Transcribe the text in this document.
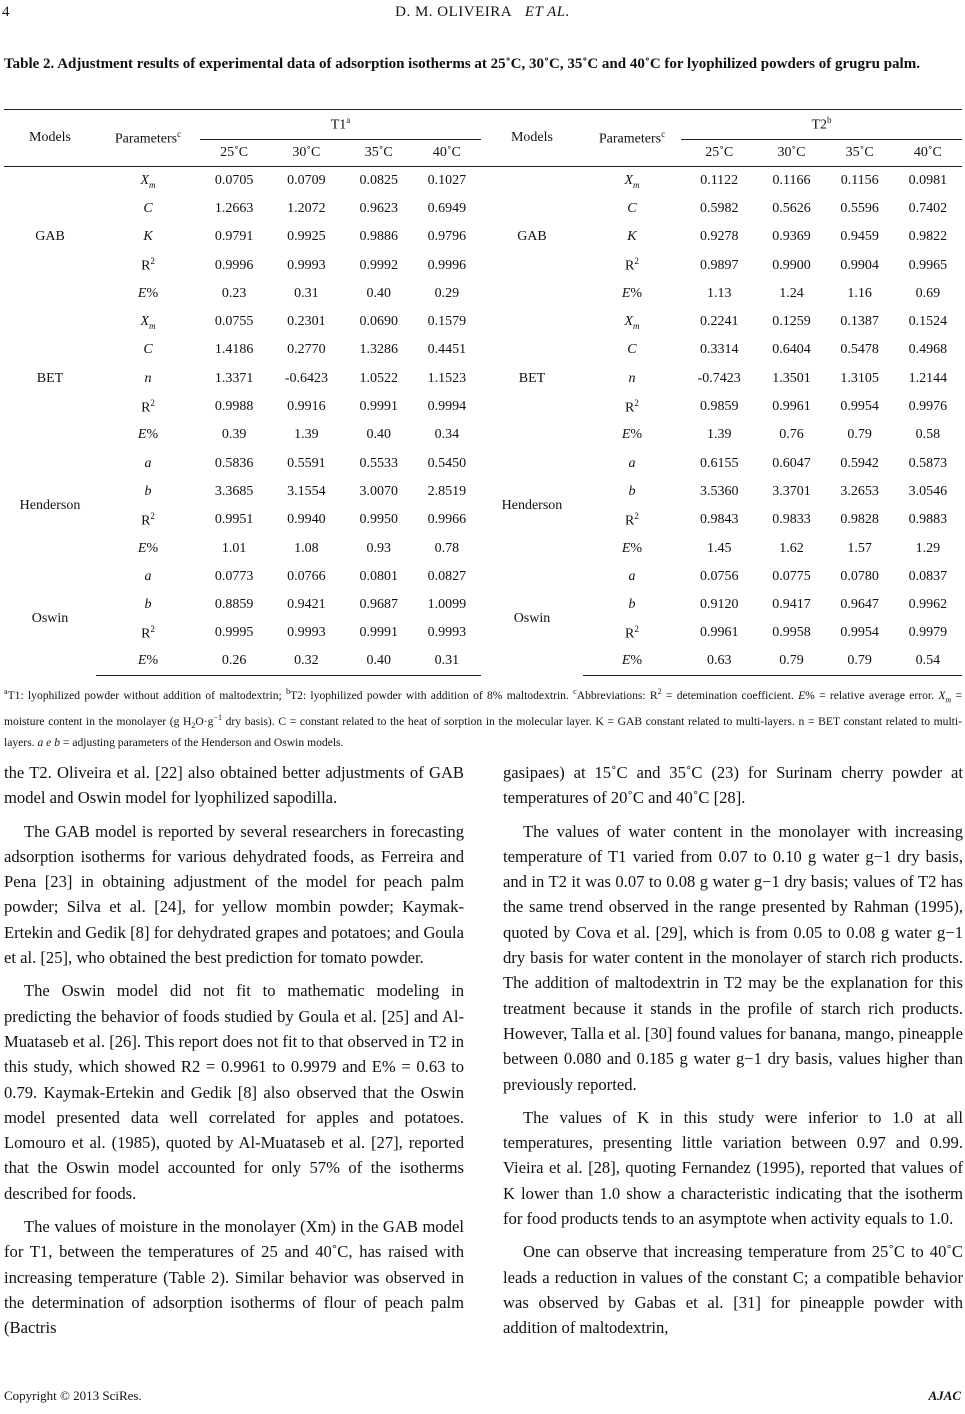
4	D. M. OLIVEIRA ET AL.
Table 2. Adjustment results of experimental data of adsorption isotherms at 25˚C, 30˚C, 35˚C and 40˚C for lyophilized powders of grugru palm.
Models	Parameters$^c$	T1$^a$				Models	Parameters$^c$	T2$^b$
		25˚C	30˚C	35˚C	40˚C			25˚C	30˚C	35˚C	40˚C
GAB	$X_m$	0.0705	0.0709	0.0825	0.1027	GAB	$X_m$	0.1122	0.1166	0.1156	0.0981
	C	1.2663	1.2072	0.9623	0.6949		C	0.5982	0.5626	0.5596	0.7402
	K	0.9791	0.9925	0.9886	0.9796		K	0.9278	0.9369	0.9459	0.9822
	$R^2$	0.9996	0.9993	0.9992	0.9996		$R^2$	0.9897	0.9900	0.9904	0.9965
	E%	0.23	0.31	0.40	0.29		E%	1.13	1.24	1.16	0.69
BET	$X_m$	0.0755	0.2301	0.0690	0.1579	BET	$X_m$	0.2241	0.1259	0.1387	0.1524
	C	1.4186	0.2770	1.3286	0.4451		C	0.3314	0.6404	0.5478	0.4968
	n	1.3371	-0.6423	1.0522	1.1523		n	-0.7423	1.3501	1.3105	1.2144
	$R^2$	0.9988	0.9916	0.9991	0.9994		$R^2$	0.9859	0.9961	0.9954	0.9976
	E%	0.39	1.39	0.40	0.34		E%	1.39	0.76	0.79	0.58
Henderson	a	0.5836	0.5591	0.5533	0.5450	Henderson	a	0.6155	0.6047	0.5942	0.5873
	b	3.3685	3.1554	3.0070	2.8519		b	3.5360	3.3701	3.2653	3.0546
	$R^2$	0.9951	0.9940	0.9950	0.9966		$R^2$	0.9843	0.9833	0.9828	0.9883
	E%	1.01	1.08	0.93	0.78		E%	1.45	1.62	1.57	1.29
Oswin	a	0.0773	0.0766	0.0801	0.0827	Oswin	a	0.0756	0.0775	0.0780	0.0837
	b	0.8859	0.9421	0.9687	1.0099		b	0.9120	0.9417	0.9647	0.9962
	$R^2$	0.9995	0.9993	0.9991	0.9993		$R^2$	0.9961	0.9958	0.9954	0.9979
	E%	0.26	0.32	0.40	0.31		E%	0.63	0.79	0.79	0.54
$^a$T1: lyophilized powder without addition of maltodextrin; $^b$T2: lyophilized powder with addition of 8% maltodextrin. $^c$Abbreviations: $R^2$ = detemination coefficient. E% = relative average error. $X_m$ = moisture content in the monolayer (g $H_2O\cdot g^{-1}$ dry basis). C = constant related to the heat of sorption in the molecular layer. K = GAB constant related to multi-layers. n = BET constant related to multi-layers. a e b = adjusting parameters of the Henderson and Oswin models.

the T2. Oliveira et al. [22] also obtained better adjustments of GAB model and Oswin model for lyophilized sapodilla.

The GAB model is reported by several researchers in forecasting adsorption isotherms for various dehydrated foods, as Ferreira and Pena [23] in obtaining adjustment of the model for peach palm powder; Silva et al. [24], for yellow mombin powder; Kaymak-Ertekin and Gedik [8] for dehydrated grapes and potatoes; and Goula et al. [25], who obtained the best prediction for tomato powder.

The Oswin model did not fit to mathematic modeling in predicting the behavior of foods studied by Goula et al. [25] and Al-Muataseb et al. [26]. This report does not fit to that observed in T2 in this study, which showed R2 = 0.9961 to 0.9979 and E% = 0.63 to 0.79. Kaymak-Ertekin and Gedik [8] also observed that the Oswin model presented data well correlated for apples and potatoes. Lomouro et al. (1985), quoted by Al-Muataseb et al. [27], reported that the Oswin model accounted for only 57% of the isotherms described for foods.

The values of moisture in the monolayer (Xm) in the GAB model for T1, between the temperatures of 25 and 40˚C, has raised with increasing temperature (Table 2). Similar behavior was observed in the determination of adsorption isotherms of flour of peach palm (Bactris

gasipaes) at 15˚C and 35˚C (23) for Surinam cherry powder at temperatures of 20˚C and 40˚C [28].

The values of water content in the monolayer with increasing temperature of T1 varied from 0.07 to 0.10 g water g−1 dry basis, and in T2 it was 0.07 to 0.08 g water g−1 dry basis; values of T2 has the same trend observed in the range presented by Rahman (1995), quoted by Cova et al. [29], which is from 0.05 to 0.08 g water g−1 dry basis for water content in the monolayer of starch rich products. The addition of maltodextrin in T2 may be the explanation for this treatment because it stands in the profile of starch rich products. However, Talla et al. [30] found values for banana, mango, pineapple between 0.080 and 0.185 g water g−1 dry basis, values higher than previously reported.

The values of K in this study were inferior to 1.0 at all temperatures, presenting little variation between 0.97 and 0.99. Vieira et al. [28], quoting Fernandez (1995), reported that values of K lower than 1.0 show a characteristic indicating that the isotherm for food products tends to an asymptote when activity equals to 1.0.

One can observe that increasing temperature from 25˚C to 40˚C leads a reduction in values of the constant C; a compatible behavior was observed by Gabas et al. [31] for pineapple powder with addition of maltodextrin,

Copyright © 2013 SciRes.	AJAC
